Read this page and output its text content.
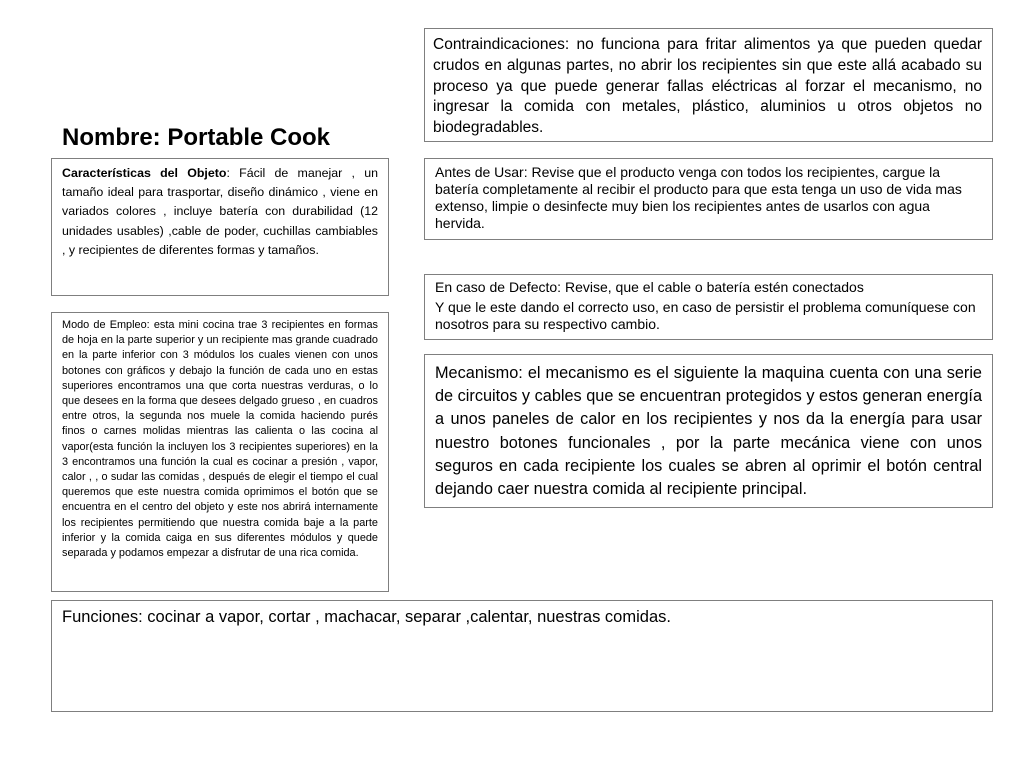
Nombre: Portable Cook
Contraindicaciones: no funciona para fritar alimentos ya que pueden quedar crudos en algunas partes, no abrir los recipientes sin que este allá acabado su proceso ya que puede generar fallas eléctricas al forzar el mecanismo, no ingresar la comida con metales, plástico, aluminios u otros objetos no biodegradables.
Características del Objeto: Fácil de manejar , un tamaño ideal para trasportar, diseño dinámico , viene en variados colores , incluye batería con durabilidad (12 unidades usables) ,cable de poder, cuchillas cambiables , y recipientes de diferentes formas y tamaños.
Antes de Usar: Revise que el producto venga con todos los recipientes, cargue la batería completamente al recibir el producto para que esta tenga un uso de vida mas extenso, limpie o desinfecte muy bien los recipientes antes de usarlos con agua hervida.

En caso de Defecto: Revise, que el cable o batería estén conectados

Y que le este dando el correcto uso, en caso de persistir el problema comuníquese con nosotros para su respectivo cambio.

Modo de Empleo: esta mini cocina trae 3 recipientes en formas de hoja en la parte superior y un recipiente mas grande cuadrado en la parte inferior con 3 módulos los cuales vienen con unos botones con gráficos y debajo la función de cada uno en estas superiores encontramos una que corta nuestras verduras, o lo que desees en la forma que desees delgado grueso , en cuadros entre otros, la segunda nos muele la comida haciendo purés finos o carnes molidas mientras las calienta o las cocina al vapor(esta función la incluyen los 3 recipientes superiores) en la 3 encontramos una función la cual es cocinar a presión , vapor, calor , , o sudar las comidas , después de elegir el tiempo el cual queremos que este nuestra comida oprimimos el botón que se encuentra en el centro del objeto y este nos abrirá internamente los recipientes permitiendo que nuestra comida baje a la parte inferior y la comida caiga en sus diferentes módulos y quede separada y podamos empezar a disfrutar de una rica comida.
Mecanismo: el mecanismo es el siguiente la maquina cuenta con una serie de circuitos y cables que se encuentran protegidos y estos generan energía a unos paneles de calor en los recipientes y nos da la energía para usar nuestro botones funcionales , por la parte mecánica viene con unos seguros en cada recipiente los cuales se abren al oprimir el botón central dejando caer nuestra comida al recipiente principal.
Funciones: cocinar a vapor, cortar , machacar, separar ,calentar, nuestras comidas.
